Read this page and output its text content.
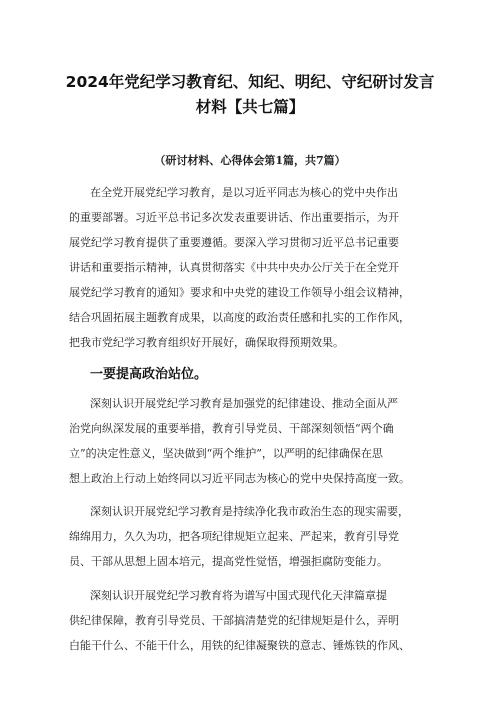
2024年党纪学习教育纪、知纪、明纪、守纪研讨发言
材料【共七篇】
（研讨材料、心得体会第1篇，共7篇）
在全党开展党纪学习教育，是以习近平同志为核心的党中央作出
的重要部署。习近平总书记多次发表重要讲话、作出重要指示，为开
展党纪学习教育提供了重要遵循。要深入学习贯彻习近平总书记重要
讲话和重要指示精神，认真贯彻落实《中共中央办公厅关于在全党开
展党纪学习教育的通知》要求和中央党的建设工作领导小组会议精神，
结合巩固拓展主题教育成果，以高度的政治责任感和扎实的工作作风，
把我市党纪学习教育组织好开展好，确保取得预期效果。
一要提高政治站位。
深刻认识开展党纪学习教育是加强党的纪律建设、推动全面从严
治党向纵深发展的重要举措，教育引导党员、干部深刻领悟“两个确
立”的决定性意义，坚决做到“两个维护”，以严明的纪律确保在思
想上政治上行动上始终同以习近平同志为核心的党中央保持高度一致。
深刻认识开展党纪学习教育是持续净化我市政治生态的现实需要，
绵绵用力，久久为功，把各项纪律规矩立起来、严起来，教育引导党
员、干部从思想上固本培元，提高党性觉悟，增强拒腐防变能力。
深刻认识开展党纪学习教育将为谱写中国式现代化天津篇章提
供纪律保障，教育引导党员、干部搞清楚党的纪律规矩是什么，弄明
白能干什么、不能干什么，用铁的纪律凝聚铁的意志、锤炼铁的作风、
